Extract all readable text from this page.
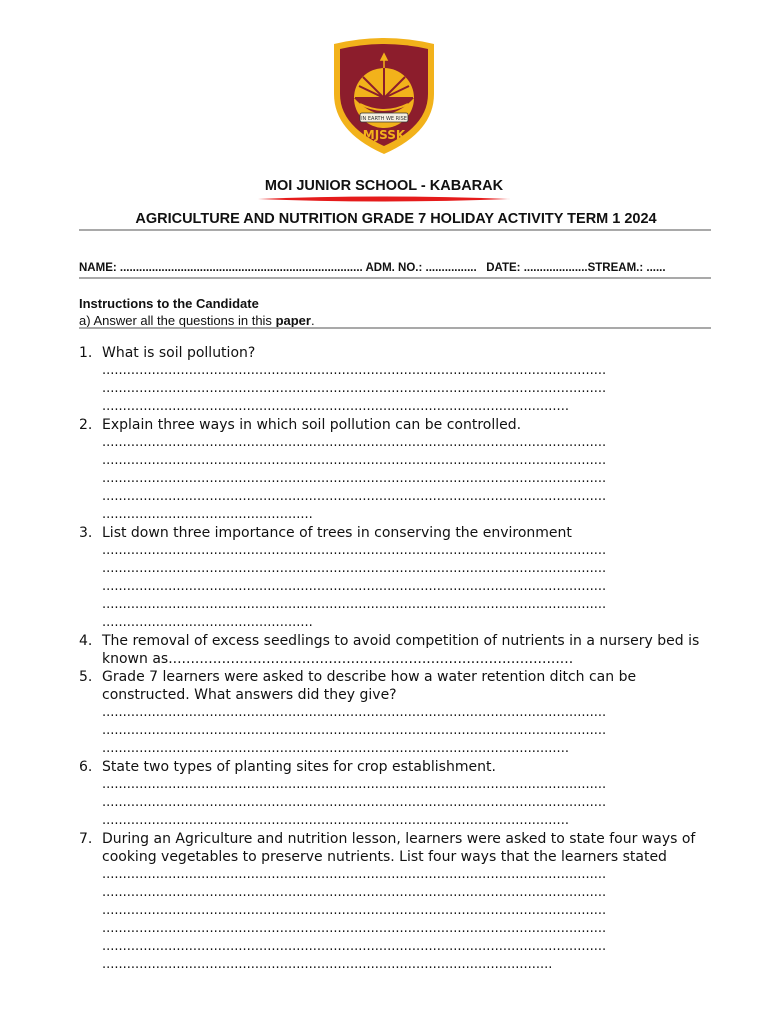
IN EARTH WE RISE
MJSSK
MOI JUNIOR SCHOOL - KABARAK
AGRICULTURE AND NUTRITION GRADE 7 HOLIDAY ACTIVITY TERM 1 2024
NAME: ............................................................................ ADM. NO.: ................   DATE: ....................STREAM.: ......
Instructions to the Candidate
a) Answer all the questions in this paper.
1. What is soil pollution?
..........................................................................................................................
..........................................................................................................................
.................................................................................................................
2. Explain three ways in which soil pollution can be controlled.
..........................................................................................................................
..........................................................................................................................
..........................................................................................................................
..........................................................................................................................
...................................................
3. List down three importance of trees in conserving the environment
..........................................................................................................................
..........................................................................................................................
..........................................................................................................................
..........................................................................................................................
...................................................
4. The removal of excess seedlings to avoid competition of nutrients in a nursery bed is known as...........................................................................................
5. Grade 7 learners were asked to describe how a water retention ditch can be constructed. What answers did they give?
..........................................................................................................................
..........................................................................................................................
.................................................................................................................
6. State two types of planting sites for crop establishment.
..........................................................................................................................
..........................................................................................................................
.................................................................................................................
7. During an Agriculture and nutrition lesson, learners were asked to state four ways of cooking vegetables to preserve nutrients. List four ways that the learners stated
..........................................................................................................................
..........................................................................................................................
..........................................................................................................................
..........................................................................................................................
..........................................................................................................................
.............................................................................................................
